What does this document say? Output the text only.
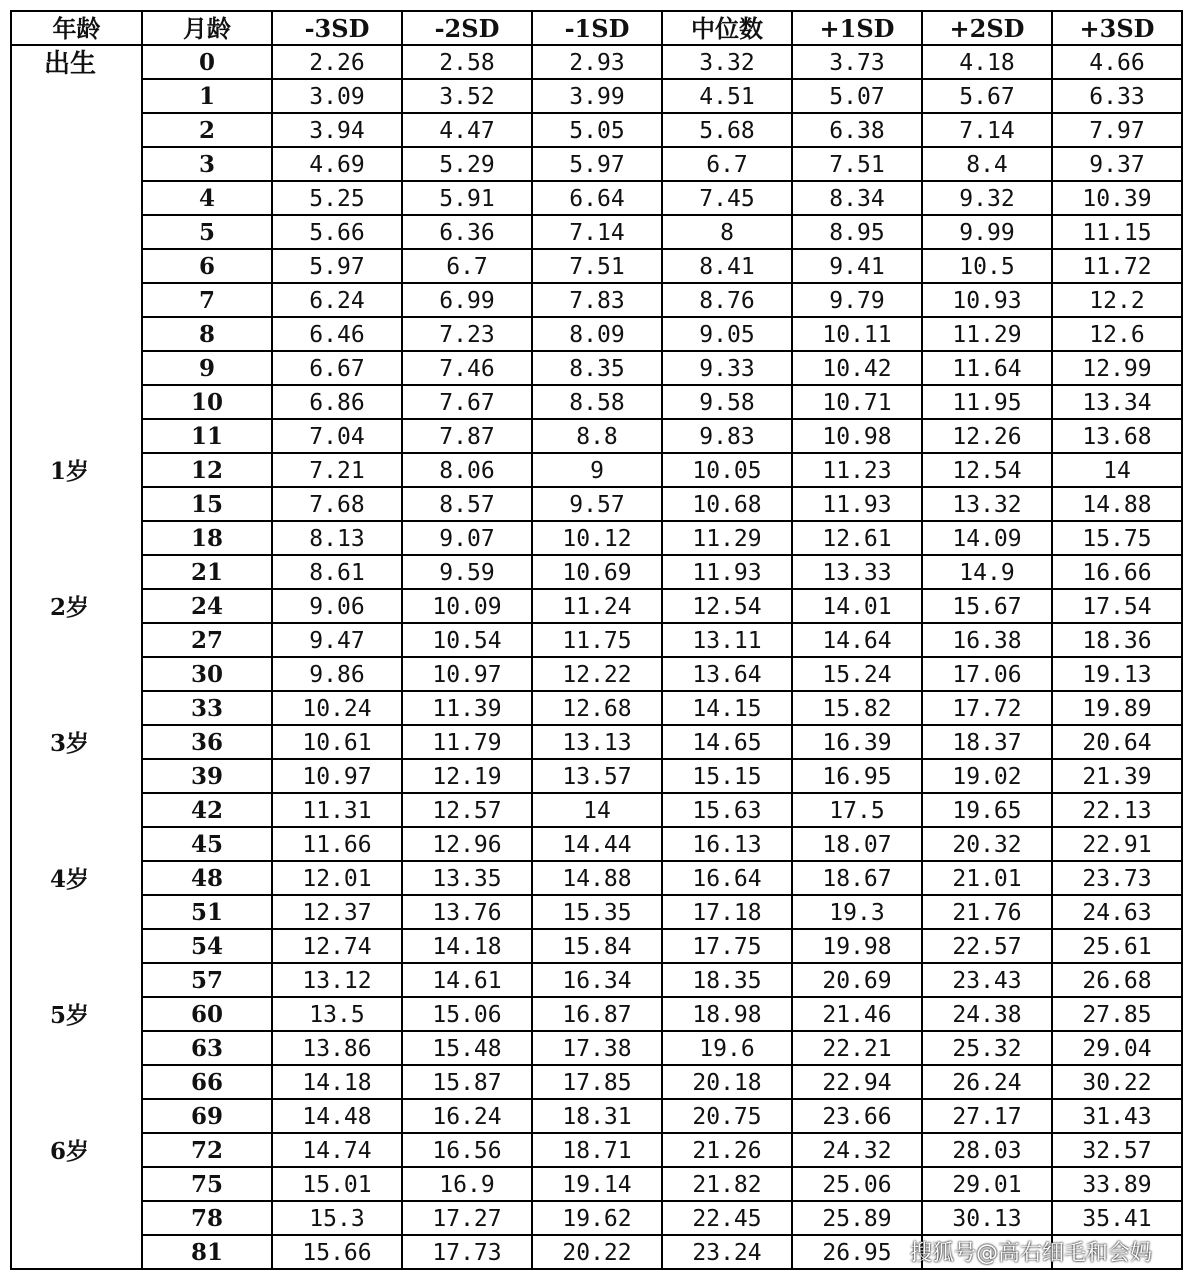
年龄	月龄	-3SD	-2SD	-1SD	中位数	+1SD	+2SD	+3SD
出生	0	2.26	2.58	2.93	3.32	3.73	4.18	4.66
	1	3.09	3.52	3.99	4.51	5.07	5.67	6.33
	2	3.94	4.47	5.05	5.68	6.38	7.14	7.97
	3	4.69	5.29	5.97	6.7	7.51	8.4	9.37
	4	5.25	5.91	6.64	7.45	8.34	9.32	10.39
	5	5.66	6.36	7.14	8	8.95	9.99	11.15
	6	5.97	6.7	7.51	8.41	9.41	10.5	11.72
	7	6.24	6.99	7.83	8.76	9.79	10.93	12.2
	8	6.46	7.23	8.09	9.05	10.11	11.29	12.6
	9	6.67	7.46	8.35	9.33	10.42	11.64	12.99
	10	6.86	7.67	8.58	9.58	10.71	11.95	13.34
	11	7.04	7.87	8.8	9.83	10.98	12.26	13.68
1岁	12	7.21	8.06	9	10.05	11.23	12.54	14
	15	7.68	8.57	9.57	10.68	11.93	13.32	14.88
	18	8.13	9.07	10.12	11.29	12.61	14.09	15.75
	21	8.61	9.59	10.69	11.93	13.33	14.9	16.66
2岁	24	9.06	10.09	11.24	12.54	14.01	15.67	17.54
	27	9.47	10.54	11.75	13.11	14.64	16.38	18.36
	30	9.86	10.97	12.22	13.64	15.24	17.06	19.13
	33	10.24	11.39	12.68	14.15	15.82	17.72	19.89
3岁	36	10.61	11.79	13.13	14.65	16.39	18.37	20.64
	39	10.97	12.19	13.57	15.15	16.95	19.02	21.39
	42	11.31	12.57	14	15.63	17.5	19.65	22.13
	45	11.66	12.96	14.44	16.13	18.07	20.32	22.91
4岁	48	12.01	13.35	14.88	16.64	18.67	21.01	23.73
	51	12.37	13.76	15.35	17.18	19.3	21.76	24.63
	54	12.74	14.18	15.84	17.75	19.98	22.57	25.61
	57	13.12	14.61	16.34	18.35	20.69	23.43	26.68
5岁	60	13.5	15.06	16.87	18.98	21.46	24.38	27.85
	63	13.86	15.48	17.38	19.6	22.21	25.32	29.04
	66	14.18	15.87	17.85	20.18	22.94	26.24	30.22
	69	14.48	16.24	18.31	20.75	23.66	27.17	31.43
6岁	72	14.74	16.56	18.71	21.26	24.32	28.03	32.57
	75	15.01	16.9	19.14	21.82	25.06	29.01	33.89
	78	15.3	17.27	19.62	22.45	25.89	30.13	35.41
	81	15.66	17.73	20.22	23.24	26.95		搜狐号@高右细毛和会妈
